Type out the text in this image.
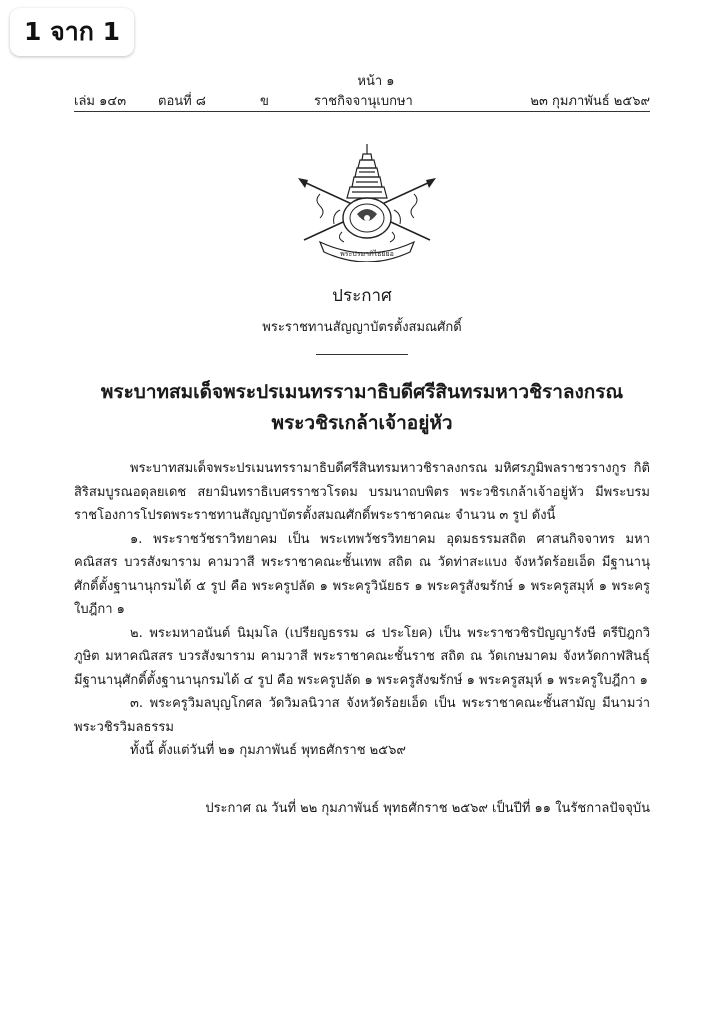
1 จาก 1
หน้า ๑
เล่ม ๑๔๓ ตอนที่ ๘	ข	ราชกิจจานุเบกษา	๒๓ กุมภาพันธ์ ๒๕๖๙
พระปรมาภิไธยย่อ
ประกาศ
พระราชทานสัญญาบัตรตั้งสมณศักดิ์
พระบาทสมเด็จพระปรเมนทรรามาธิบดีศรีสินทรมหาวชิราลงกรณ
พระวชิรเกล้าเจ้าอยู่หัว

พระบาทสมเด็จพระปรเมนทรรามาธิบดีศรีสินทรมหาวชิราลงกรณ มหิศรภูมิพลราชวรางกูร กิติสิริสมบูรณอดุลยเดช สยามินทราธิเบศรราชวโรดม บรมนาถบพิตร พระวชิรเกล้าเจ้าอยู่หัว มีพระบรมราชโองการโปรดพระราชทานสัญญาบัตรตั้งสมณศักดิ์พระราชาคณะ จำนวน ๓ รูป ดังนี้

๑. พระราชวัชราวิทยาคม เป็น พระเทพวัชรวิทยาคม อุดมธรรมสถิต ศาสนกิจจาทร มหาคณิสสร บวรสังฆาราม คามวาสี พระราชาคณะชั้นเทพ สถิต ณ วัดท่าสะแบง จังหวัดร้อยเอ็ด มีฐานานุศักดิ์ตั้งฐานานุกรมได้ ๕ รูป คือ พระครูปลัด ๑ พระครูวินัยธร ๑ พระครูสังฆรักษ์ ๑ พระครูสมุห์ ๑ พระครูใบฎีกา ๑

๒. พระมหาอนันต์ นิมฺมโล (เปรียญธรรม ๘ ประโยค) เป็น พระราชวชิรปัญญารังษี ตรีปิฎกวิภูษิต มหาคณิสสร บวรสังฆาราม คามวาสี พระราชาคณะชั้นราช สถิต ณ วัดเกษมาคม จังหวัดกาฬสินธุ์ มีฐานานุศักดิ์ตั้งฐานานุกรมได้ ๔ รูป คือ พระครูปลัด ๑ พระครูสังฆรักษ์ ๑ พระครูสมุห์ ๑ พระครูใบฎีกา ๑

๓. พระครูวิมลบุญโกศล วัดวิมลนิวาส จังหวัดร้อยเอ็ด เป็น พระราชาคณะชั้นสามัญ มีนามว่า พระวชิรวิมลธรรม

ทั้งนี้ ตั้งแต่วันที่ ๒๑ กุมภาพันธ์ พุทธศักราช ๒๕๖๙

ประกาศ ณ วันที่ ๒๒ กุมภาพันธ์ พุทธศักราช ๒๕๖๙ เป็นปีที่ ๑๑ ในรัชกาลปัจจุบัน
